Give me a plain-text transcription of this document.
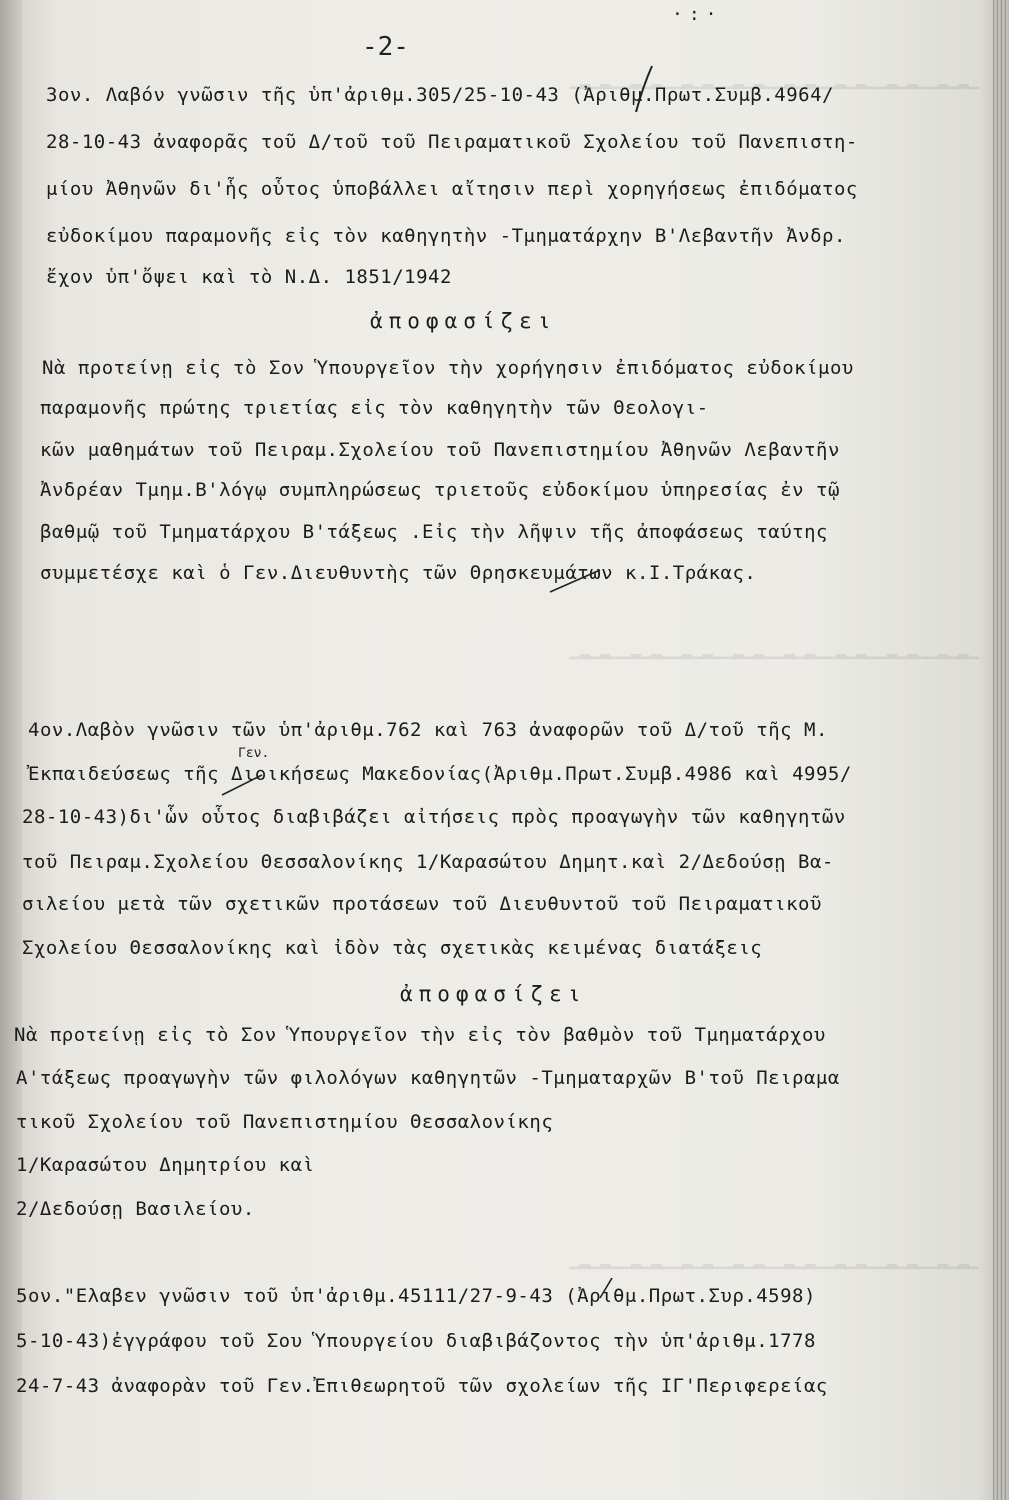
▁▂▁▂▁▁▂▁▂▁▁▂▁▂▁▁▂▁▂▁▁▂▁▂▁▁▂▁▂▁▁▂▁▂▁▁▂▁▂▁
▁▂▁▂▁▁▂▁▂▁▁▂▁▂▁▁▂▁▂▁▁▂▁▂▁▁▂▁▂▁▁▂▁▂▁▁▂▁▂▁
▁▂▁▂▁▁▂▁▂▁▁▂▁▂▁▁▂▁▂▁▁▂▁▂▁▁▂▁▂▁▁▂▁▂▁▁▂▁▂▁
·:·
-2-
3ον. Λαβόν γνῶσιν τῆς ὑπ'ἀριθμ.305/25-10-43 (Ἀριθμ.Πρωτ.Συμβ.4964/
28-10-43 ἀναφορᾶς τοῦ Δ/τοῦ τοῦ Πειραματικοῦ Σχολείου τοῦ Πανεπιστη-
μίου Ἀθηνῶν δι'ἧς οὗτος ὑποβάλλει αἴτησιν περὶ χορηγήσεως ἐπιδόματος
εὐδοκίμου παραμονῆς εἰς τὸν καθηγητὴν -Τμηματάρχην Β'Λεβαντῆν Ἀνδρ.
ἔχον ὑπ'ὄψει καὶ τὸ Ν.Δ. 1851/1942
ἀποφασίζει
Νὰ προτείνῃ εἰς τὸ Σον Ὑπουργεῖον τὴν χορήγησιν ἐπιδόματος εὐδοκίμου
παραμονῆς πρώτης τριετίας εἰς τὸν καθηγητὴν τῶν Θεολογι-
κῶν μαθημάτων τοῦ Πειραμ.Σχολείου τοῦ Πανεπιστημίου Ἀθηνῶν Λεβαντῆν
Ἀνδρέαν Τμημ.Β'λόγῳ συμπληρώσεως τριετοῦς εὐδοκίμου ὑπηρεσίας ἐν τῷ
βαθμῷ τοῦ Τμηματάρχου Β'τάξεως .Εἰς τὴν λῆψιν τῆς ἀποφάσεως ταύτης
συμμετέσχε καὶ ὁ Γεν.Διευθυντὴς τῶν Θρησκευμάτων κ.Ι.Τράκας.
4ον.Λαβὸν γνῶσιν τῶν ὑπ'ἀριθμ.762 καὶ 763 ἀναφορῶν τοῦ Δ/τοῦ τῆς Μ.
Γεν.
Ἐκπαιδεύσεως τῆς Διοικήσεως Μακεδονίας(Ἀριθμ.Πρωτ.Συμβ.4986 καὶ 4995/
28-10-43)δι'ὧν οὗτος διαβιβάζει αἰτήσεις πρὸς προαγωγὴν τῶν καθηγητῶν
τοῦ Πειραμ.Σχολείου Θεσσαλονίκης 1/Καρασώτου Δημητ.καὶ 2/Δεδούσῃ Βα-
σιλείου μετὰ τῶν σχετικῶν προτάσεων τοῦ Διευθυντοῦ τοῦ Πειραματικοῦ
Σχολείου Θεσσαλονίκης καὶ ἰδὸν τὰς σχετικὰς κειμένας διατάξεις
ἀποφασίζει
Νὰ προτείνῃ εἰς τὸ Σον Ὑπουργεῖον τὴν εἰς τὸν βαθμὸν τοῦ Τμηματάρχου
Α'τάξεως προαγωγὴν τῶν φιλολόγων καθηγητῶν -Τμηματαρχῶν Β'τοῦ Πειραμα
τικοῦ Σχολείου τοῦ Πανεπιστημίου Θεσσαλονίκης
1/Καρασώτου Δημητρίου καὶ
2/Δεδούσῃ Βασιλείου.
5ον."Ελαβεν γνῶσιν τοῦ ὑπ'ἀριθμ.45111/27-9-43 (Ἀριθμ.Πρωτ.Συρ.4598)
5-10-43)ἐγγράφου τοῦ Σου Ὑπουργείου διαβιβάζοντος τὴν ὑπ'ἀριθμ.1778
24-7-43 ἀναφορὰν τοῦ Γεν.Ἐπιθεωρητοῦ τῶν σχολείων τῆς ΙΓ'Περιφερείας
